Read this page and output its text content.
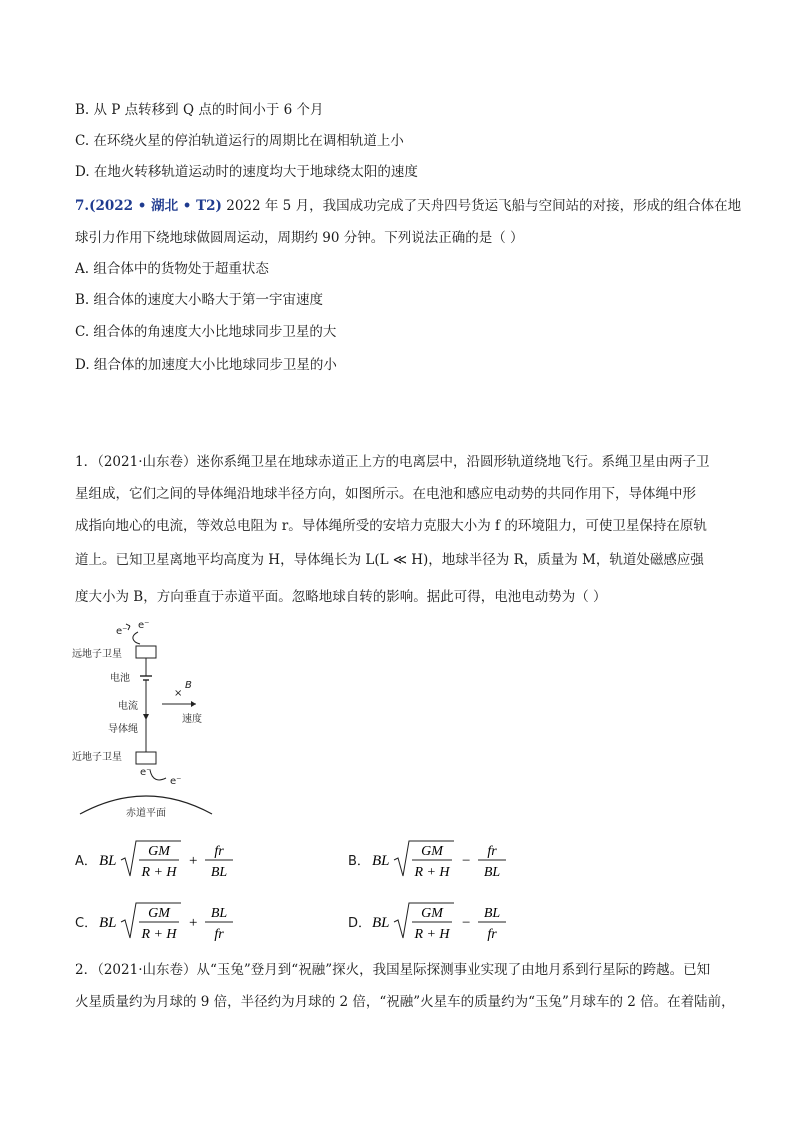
B. 从 P 点转移到 Q 点的时间小于 6 个月
C. 在环绕火星的停泊轨道运行的周期比在调相轨道上小
D. 在地火转移轨道运动时的速度均大于地球绕太阳的速度
7.(2022 • 湖北 • T2) 2022 年 5 月，我国成功完成了天舟四号货运飞船与空间站的对接，形成的组合体在地
球引力作用下绕地球做圆周运动，周期约 90 分钟。下列说法正确的是（ ）
A. 组合体中的货物处于超重状态
B. 组合体的速度大小略大于第一宇宙速度
C. 组合体的角速度大小比地球同步卫星的大
D. 组合体的加速度大小比地球同步卫星的小
1．（2021·山东卷）迷你系绳卫星在地球赤道正上方的电离层中，沿圆形轨道绕地飞行。系绳卫星由两子卫
星组成，它们之间的导体绳沿地球半径方向，如图所示。在电池和感应电动势的共同作用下，导体绳中形
成指向地心的电流，等效总电阻为 r。导体绳所受的安培力克服大小为 f 的环境阻力，可使卫星保持在原轨
道上。已知卫星离地平均高度为 H，导体绳长为 L(L ≪ H)，地球半径为 R，质量为 M，轨道处磁感应强
度大小为 B，方向垂直于赤道平面。忽略地球自转的影响。据此可得，电池电动势为（ ）
e⁻
e⁻
远地子卫星
电池
×
B
电流
速度
导体绳
近地子卫星
e⁻
e⁻
赤道平面
A． BL
GM
R + H
+
fr
BL
B． BL
GM
R + H
−
fr
BL
C． BL
GM
R + H
+
BL
fr
D． BL
GM
R + H
−
BL
fr
2．（2021·山东卷）从“玉兔”登月到“祝融”探火，我国星际探测事业实现了由地月系到行星际的跨越。已知
火星质量约为月球的 9 倍，半径约为月球的 2 倍，“祝融”火星车的质量约为“玉兔”月球车的 2 倍。在着陆前，
